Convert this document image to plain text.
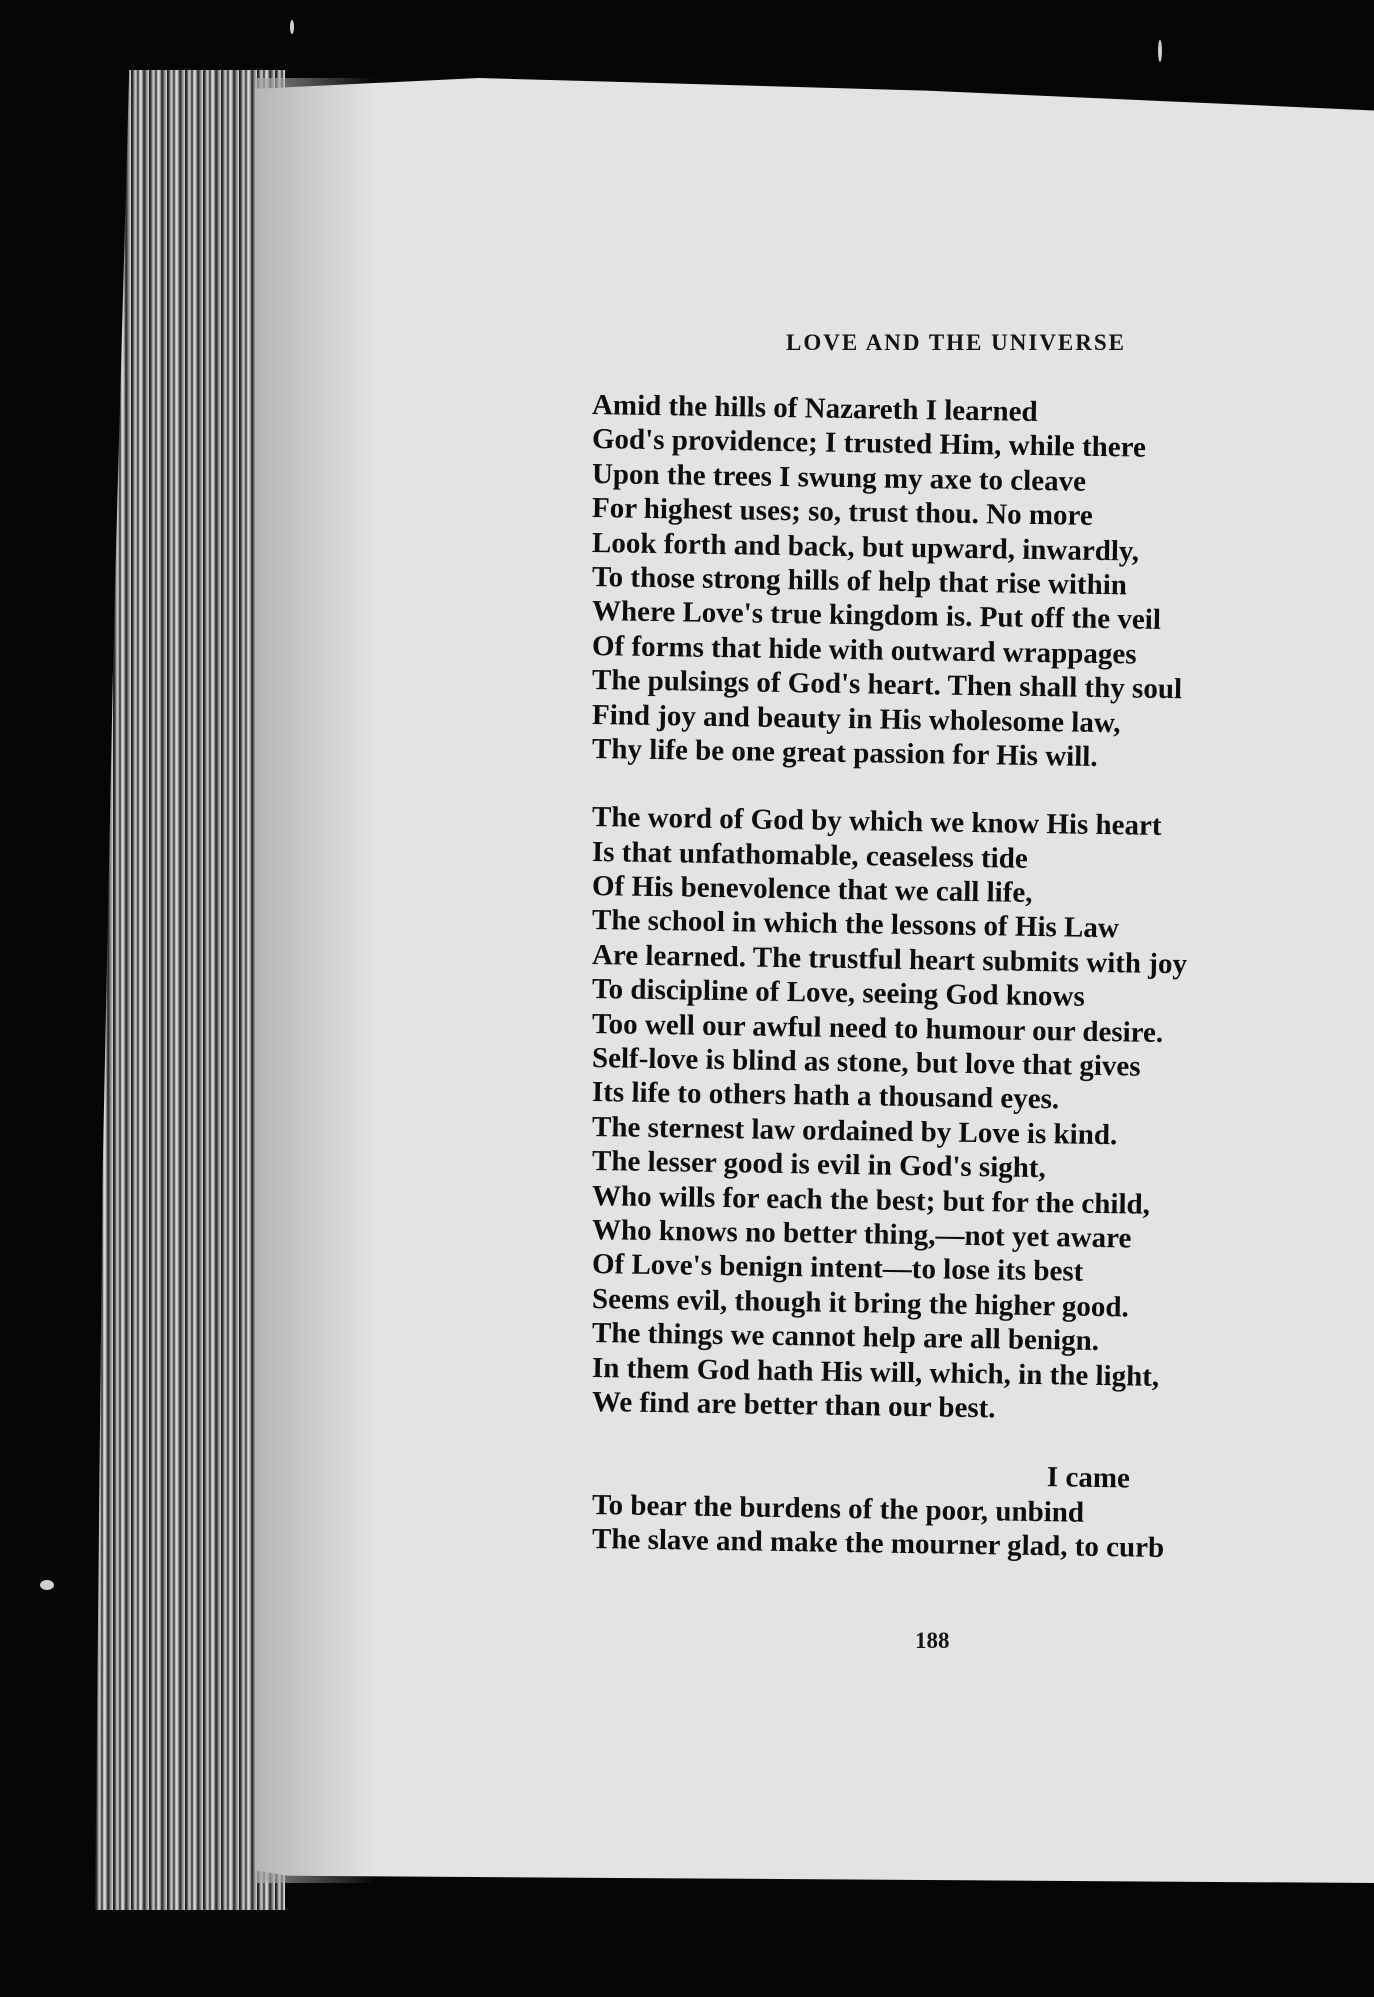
LOVE AND THE UNIVERSE
Amid the hills of Nazareth I learned
God's providence; I trusted Him, while there
Upon the trees I swung my axe to cleave
For highest uses; so, trust thou. No more
Look forth and back, but upward, inwardly,
To those strong hills of help that rise within
Where Love's true kingdom is. Put off the veil
Of forms that hide with outward wrappages
The pulsings of God's heart. Then shall thy soul
Find joy and beauty in His wholesome law,
Thy life be one great passion for His will.
The word of God by which we know His heart
Is that unfathomable, ceaseless tide
Of His benevolence that we call life,
The school in which the lessons of His Law
Are learned. The trustful heart submits with joy
To discipline of Love, seeing God knows
Too well our awful need to humour our desire.
Self-love is blind as stone, but love that gives
Its life to others hath a thousand eyes.
The sternest law ordained by Love is kind.
The lesser good is evil in God's sight,
Who wills for each the best; but for the child,
Who knows no better thing,—not yet aware
Of Love's benign intent—to lose its best
Seems evil, though it bring the higher good.
The things we cannot help are all benign.
In them God hath His will, which, in the light,
We find are better than our best.
I came
To bear the burdens of the poor, unbind
The slave and make the mourner glad, to curb
188
